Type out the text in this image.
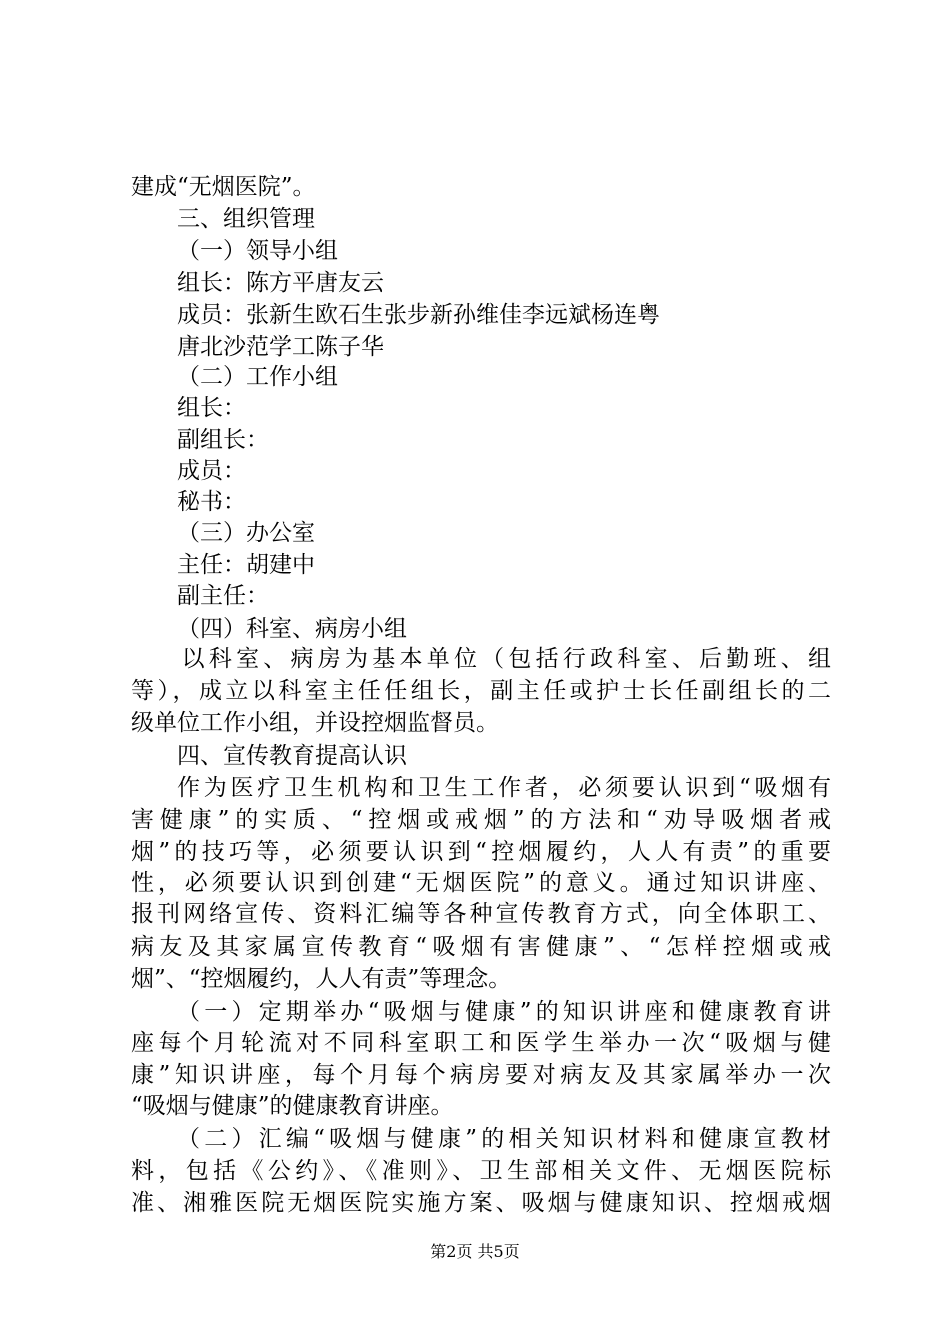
建成“无烟医院”。
三、组织管理
（一）领导小组
组长：陈方平唐友云
成员：张新生欧石生张步新孙维佳李远斌杨连粤
唐北沙范学工陈子华
（二）工作小组
组长：
副组长：
成员：
秘书：
（三）办公室
主任：胡建中
副主任：
（四）科室、病房小组
以科室、病房为基本单位（包括行政科室、后勤班、组
等），成立以科室主任任组长，副主任或护士长任副组长的二
级单位工作小组，并设控烟监督员。
四、宣传教育提高认识
作为医疗卫生机构和卫生工作者，必须要认识到“吸烟有
害健康”的实质、“控烟或戒烟”的方法和“劝导吸烟者戒
烟”的技巧等，必须要认识到“控烟履约，人人有责”的重要
性，必须要认识到创建“无烟医院”的意义。通过知识讲座、
报刊网络宣传、资料汇编等各种宣传教育方式，向全体职工、
病友及其家属宣传教育“吸烟有害健康”、“怎样控烟或戒
烟”、“控烟履约，人人有责”等理念。
（一）定期举办“吸烟与健康”的知识讲座和健康教育讲
座每个月轮流对不同科室职工和医学生举办一次“吸烟与健
康”知识讲座，每个月每个病房要对病友及其家属举办一次
“吸烟与健康”的健康教育讲座。
（二）汇编“吸烟与健康”的相关知识材料和健康宣教材
料，包括《公约》、《准则》、卫生部相关文件、无烟医院标
准、湘雅医院无烟医院实施方案、吸烟与健康知识、控烟戒烟
第2页 共5页
